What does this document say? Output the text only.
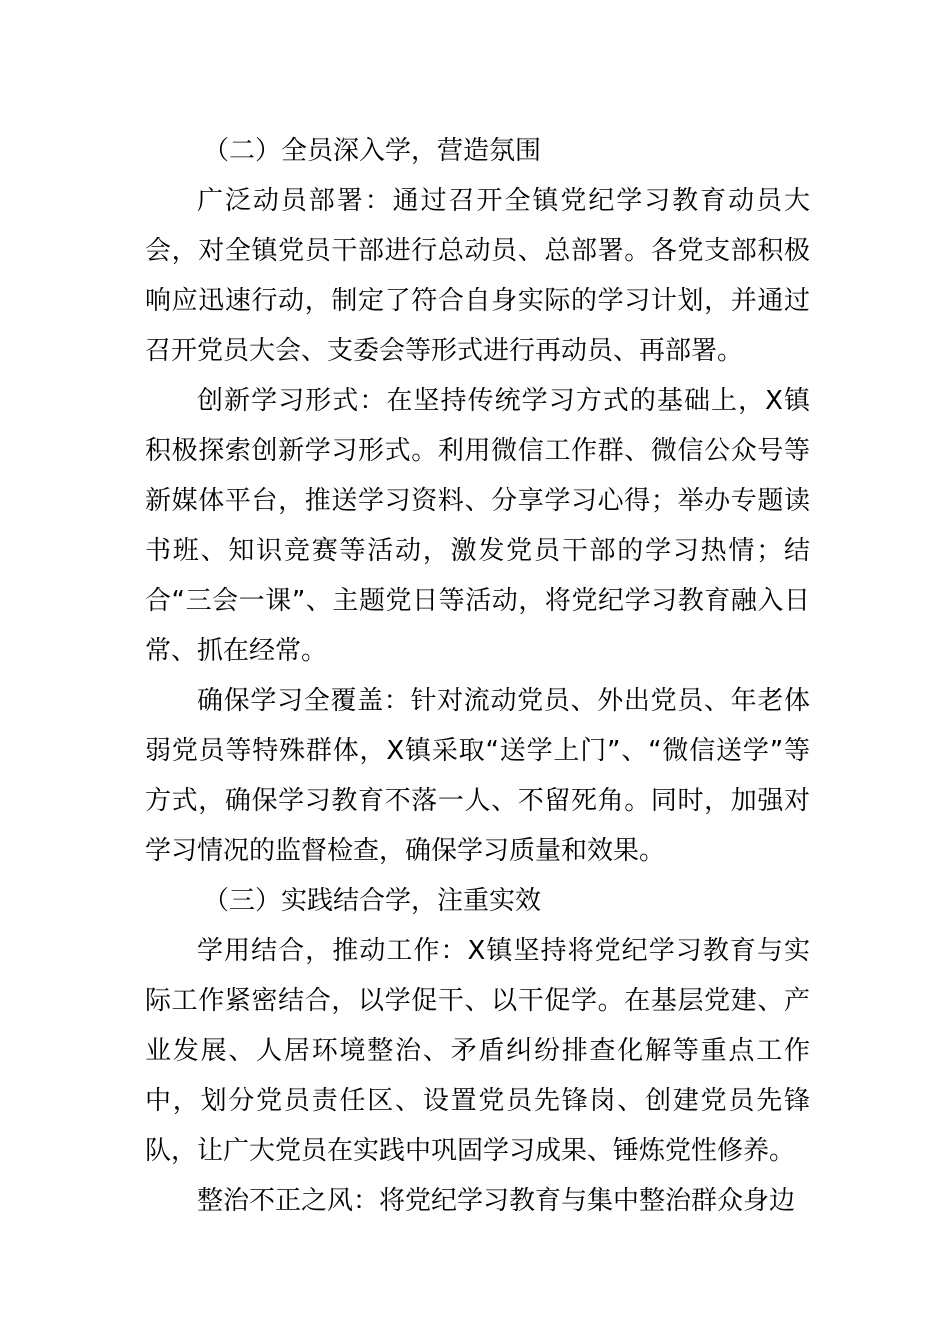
（二）全员深入学，营造氛围

广泛动员部署：通过召开全镇党纪学习教育动员大会，对全镇党员干部进行总动员、总部署。各党支部积极响应迅速行动，制定了符合自身实际的学习计划，并通过召开党员大会、支委会等形式进行再动员、再部署。

创新学习形式：在坚持传统学习方式的基础上，X镇积极探索创新学习形式。利用微信工作群、微信公众号等新媒体平台，推送学习资料、分享学习心得；举办专题读书班、知识竞赛等活动，激发党员干部的学习热情；结合“三会一课”、主题党日等活动，将党纪学习教育融入日常、抓在经常。

确保学习全覆盖：针对流动党员、外出党员、年老体弱党员等特殊群体，X镇采取“送学上门”、“微信送学”等方式，确保学习教育不落一人、不留死角。同时，加强对学习情况的监督检查，确保学习质量和效果。

（三）实践结合学，注重实效

学用结合，推动工作：X镇坚持将党纪学习教育与实际工作紧密结合，以学促干、以干促学。在基层党建、产业发展、人居环境整治、矛盾纠纷排查化解等重点工作中，划分党员责任区、设置党员先锋岗、创建党员先锋队，让广大党员在实践中巩固学习成果、锤炼党性修养。

整治不正之风：将党纪学习教育与集中整治群众身边
